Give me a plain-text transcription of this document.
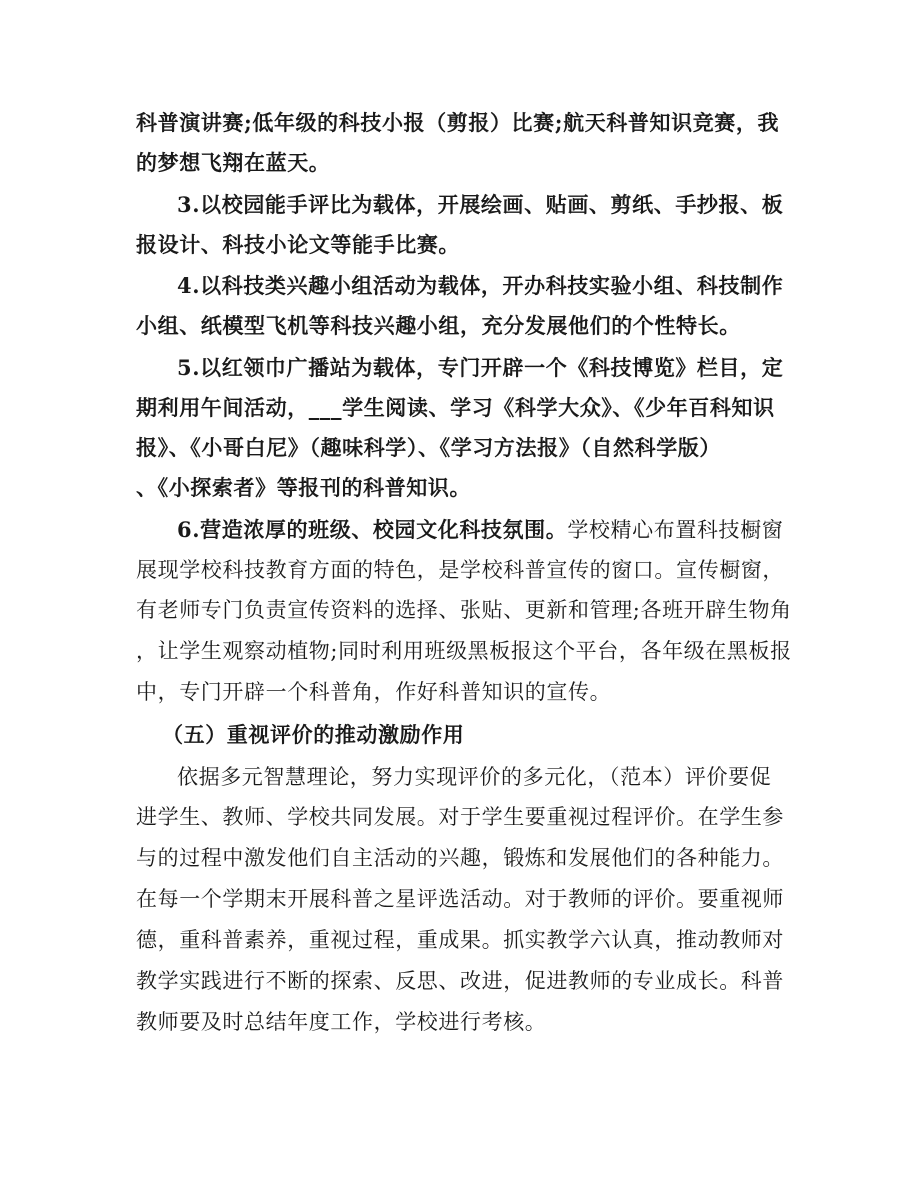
科普演讲赛;低年级的科技小报（剪报）比赛;航天科普知识竞赛，我
的梦想飞翔在蓝天。
3.以校园能手评比为载体，开展绘画、贴画、剪纸、手抄报、板
报设计、科技小论文等能手比赛。
4.以科技类兴趣小组活动为载体，开办科技实验小组、科技制作
小组、纸模型飞机等科技兴趣小组，充分发展他们的个性特长。
5.以红领巾广播站为载体，专门开辟一个《科技博览》栏目，定
期利用午间活动，___学生阅读、学习《科学大众》、《少年百科知识
报》、《小哥白尼》（趣味科学）、《学习方法报》（自然科学版）
、《小探索者》等报刊的科普知识。
6.营造浓厚的班级、校园文化科技氛围。学校精心布置科技橱窗
展现学校科技教育方面的特色，是学校科普宣传的窗口。宣传橱窗，
有老师专门负责宣传资料的选择、张贴、更新和管理;各班开辟生物角
，让学生观察动植物;同时利用班级黑板报这个平台，各年级在黑板报
中，专门开辟一个科普角，作好科普知识的宣传。
（五）重视评价的推动激励作用
依据多元智慧理论，努力实现评价的多元化，（范本）评价要促
进学生、教师、学校共同发展。对于学生要重视过程评价。在学生参
与的过程中激发他们自主活动的兴趣，锻炼和发展他们的各种能力。
在每一个学期末开展科普之星评选活动。对于教师的评价。要重视师
德，重科普素养，重视过程，重成果。抓实教学六认真，推动教师对
教学实践进行不断的探索、反思、改进，促进教师的专业成长。科普
教师要及时总结年度工作，学校进行考核。
